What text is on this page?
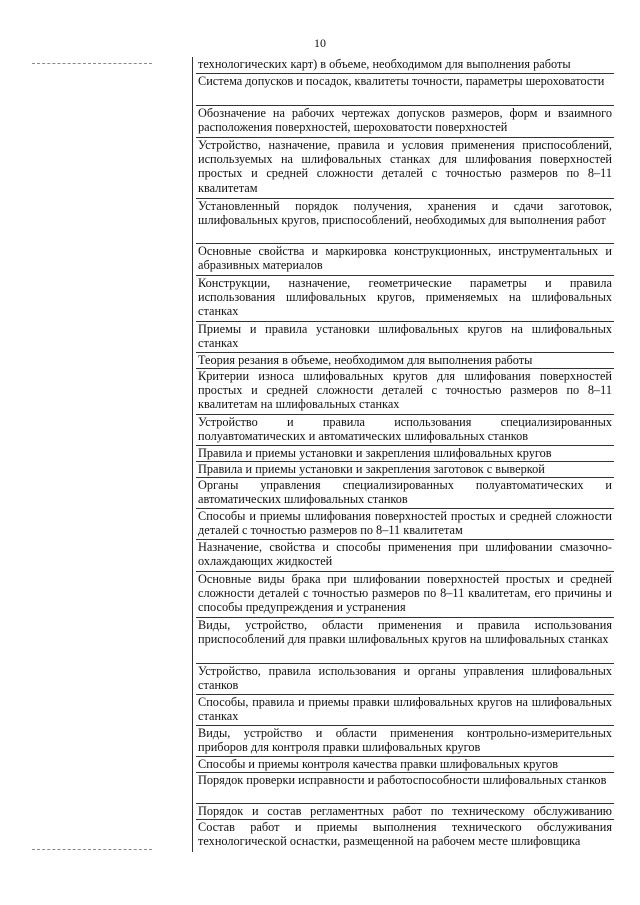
10
технологических карт) в объеме, необходимом для выполнения работы
Система допусков и посадок, квалитеты точности, параметры шероховатости
Обозначение на рабочих чертежах допусков размеров, форм и взаимного расположения поверхностей, шероховатости поверхностей
Устройство, назначение, правила и условия применения приспособлений, используемых на шлифовальных станках для шлифования поверхностей простых и средней сложности деталей с точностью размеров по 8–11 квалитетам
Установленный порядок получения, хранения и сдачи заготовок, шлифовальных кругов, приспособлений, необходимых для выполнения работ
Основные свойства и маркировка конструкционных, инструментальных и абразивных материалов
Конструкции, назначение, геометрические параметры и правила использования шлифовальных кругов, применяемых на шлифовальных станках
Приемы и правила установки шлифовальных кругов на шлифовальных станках
Теория резания в объеме, необходимом для выполнения работы
Критерии износа шлифовальных кругов для шлифования поверхностей простых и средней сложности деталей с точностью размеров по 8–11 квалитетам на шлифовальных станках
Устройство и правила использования специализированных полуавтоматических и автоматических шлифовальных станков
Правила и приемы установки и закрепления шлифовальных кругов
Правила и приемы установки и закрепления заготовок с выверкой
Органы управления специализированных полуавтоматических и автоматических шлифовальных станков
Способы и приемы шлифования поверхностей простых и средней сложности деталей с точностью размеров по 8–11 квалитетам
Назначение, свойства и способы применения при шлифовании смазочно-охлаждающих жидкостей
Основные виды брака при шлифовании поверхностей простых и средней сложности деталей с точностью размеров по 8–11 квалитетам, его причины и способы предупреждения и устранения
Виды, устройство, области применения и правила использования приспособлений для правки шлифовальных кругов на шлифовальных станках
Устройство, правила использования и органы управления шлифовальных станков
Способы, правила и приемы правки шлифовальных кругов на шлифовальных станках
Виды, устройство и области применения контрольно-измерительных приборов для контроля правки шлифовальных кругов
Способы и приемы контроля качества правки шлифовальных кругов
Порядок проверки исправности и работоспособности шлифовальных станков
Порядок и состав регламентных работ по техническому обслуживанию
Состав работ и приемы выполнения технического обслуживания технологической оснастки, размещенной на рабочем месте шлифовщика
